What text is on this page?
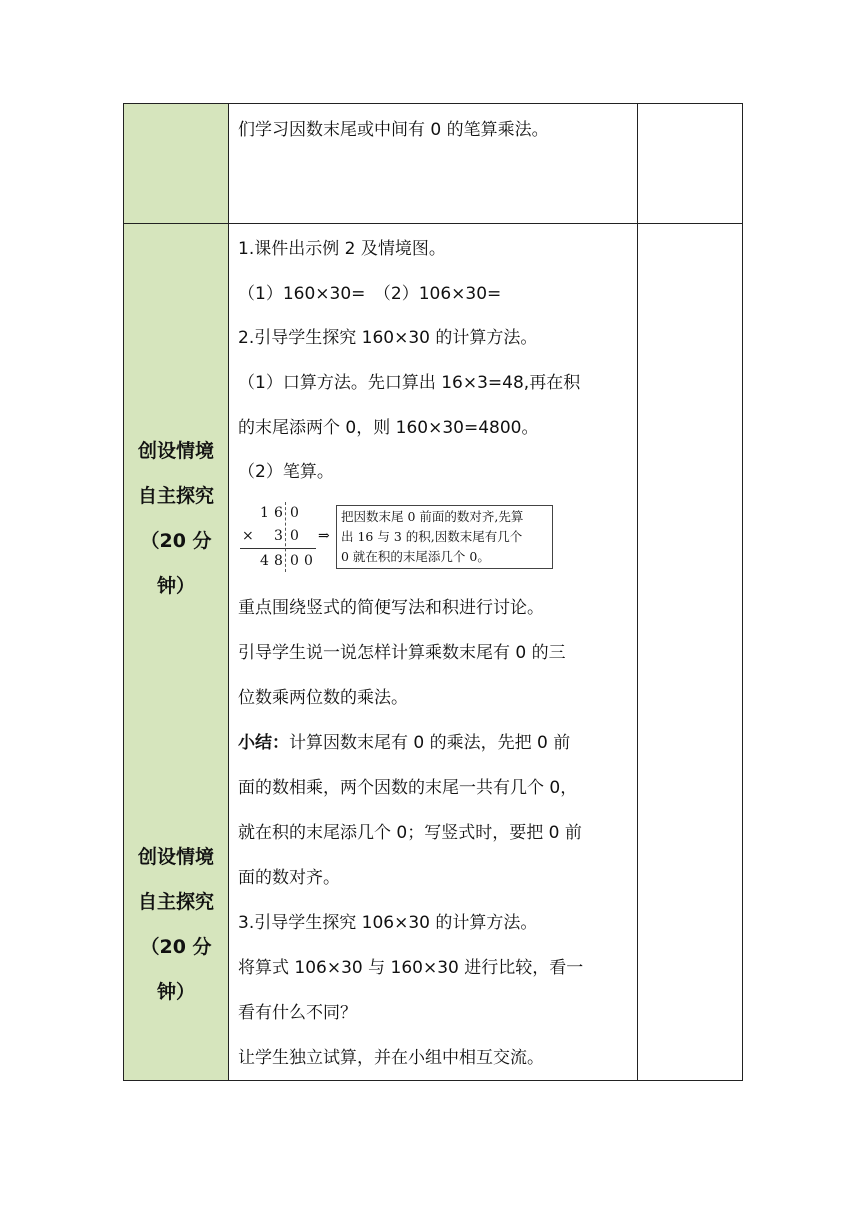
们学习因数末尾或中间有 0 的笔算乘法。
创设情境
自主探究
（20 分
钟）
创设情境
自主探究
（20 分
钟）
1.课件出示例 2 及情境图。
（1）160×30=　（2）106×30=
2.引导学生探究 160×30 的计算方法。
（1）口算方法。先口算出 16×3=48,再在积
的末尾添两个 0，则 160×30=4800。
（2）笔算。
1 6 0
× 3 0
4 8 0 0
⇒
把因数末尾 0 前面的数对齐,先算
出 16 与 3 的积,因数末尾有几个
0 就在积的末尾添几个 0。
重点围绕竖式的简便写法和积进行讨论。
引导学生说一说怎样计算乘数末尾有 0 的三
位数乘两位数的乘法。
小结：计算因数末尾有 0 的乘法，先把 0 前
面的数相乘，两个因数的末尾一共有几个 0，
就在积的末尾添几个 0；写竖式时，要把 0 前
面的数对齐。
3.引导学生探究 106×30 的计算方法。
将算式 106×30 与 160×30 进行比较，看一
看有什么不同？
让学生独立试算，并在小组中相互交流。
